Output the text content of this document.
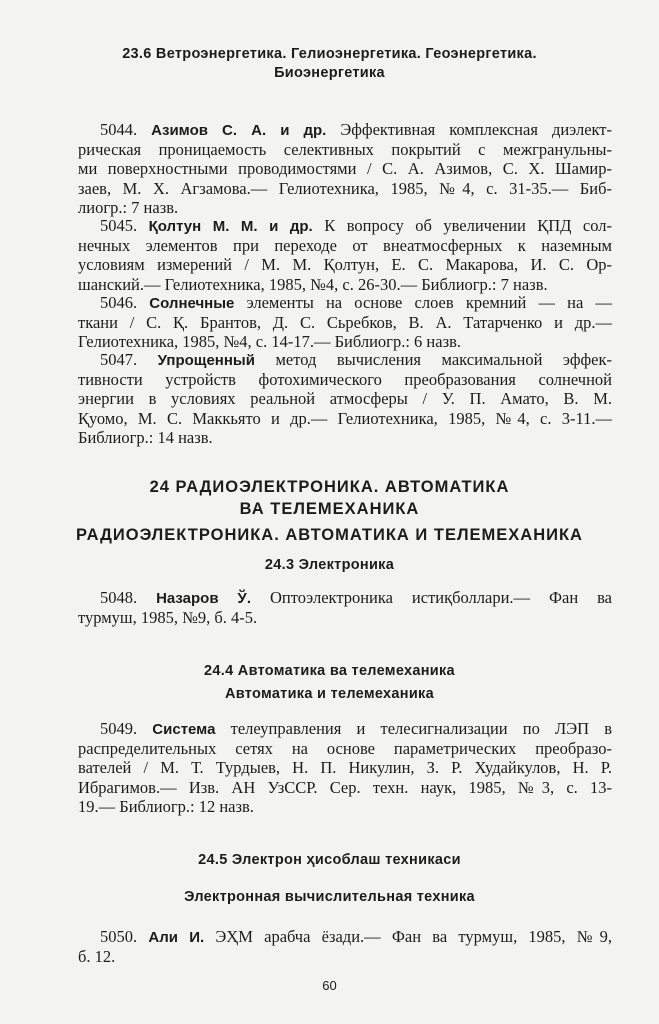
23.6 Ветроэнергетика. Гелиоэнергетика. Геоэнергетика.
Биоэнергетика
5044. Азимов С. А. и др. Эффективная комплексная диэлект-
рическая проницаемость селективных покрытий с межгранульны-
ми поверхностными проводимостями / С. А. Азимов, С. Х. Шамир-
заев, М. Х. Агзамова.— Гелиотехника, 1985, №4, с. 31-35.— Биб-
лиогр.: 7 назв.
5045. Қолтун М. М. и др. К вопросу об увеличении ҚПД сол-
нечных элементов при переходе от внеатмосферных к наземным
условиям измерений / М. М. Қолтун, Е. С. Макарова, И. С. Ор-
шанский.— Гелиотехника, 1985, №4, с. 26-30.— Библиогр.: 7 назв.
5046. Солнечные элементы на основе слоев кремний — на —
ткани / С. Қ. Брантов, Д. С. Сьребков, В. А. Татарченко и др.—
Гелиотехника, 1985, №4, с. 14-17.— Библиогр.: 6 назв.
5047. Упрощенный метод вычисления максимальной эффек-
тивности устройств фотохимического преобразования солнечной
энергии в условиях реальной атмосферы / У. П. Амато, В. М.
Қуомо, М. С. Маккьято и др.— Гелиотехника, 1985, №4, с. 3-11.—
Библиогр.: 14 назв.
24 РАДИОЭЛЕКТРОНИКА. АВТОМАТИКА
ВА ТЕЛЕМЕХАНИКА
РАДИОЭЛЕКТРОНИКА. АВТОМАТИКА И ТЕЛЕМЕХАНИКА
24.3 Электроника
5048. Назаров Ў. Оптоэлектроника истиқболлари.— Фан ва
турмуш, 1985, №9, б. 4-5.
24.4 Автоматика ва телемеханика
Автоматика и телемеханика
5049. Система телеуправления и телесигнализации по ЛЭП в
распределительных сетях на основе параметрических преобразо-
вателей / М. Т. Турдыев, Н. П. Никулин, З. Р. Худайкулов, Н. Р.
Ибрагимов.— Изв. АН УзССР. Сер. техн. наук, 1985, №3, с. 13-
19.— Библиогр.: 12 назв.
24.5 Электрон ҳисоблаш техникаси
Электронная вычислительная техника
5050. Али И. ЭҲМ арабча ёзади.— Фан ва турмуш, 1985, №9,
б. 12.
60
